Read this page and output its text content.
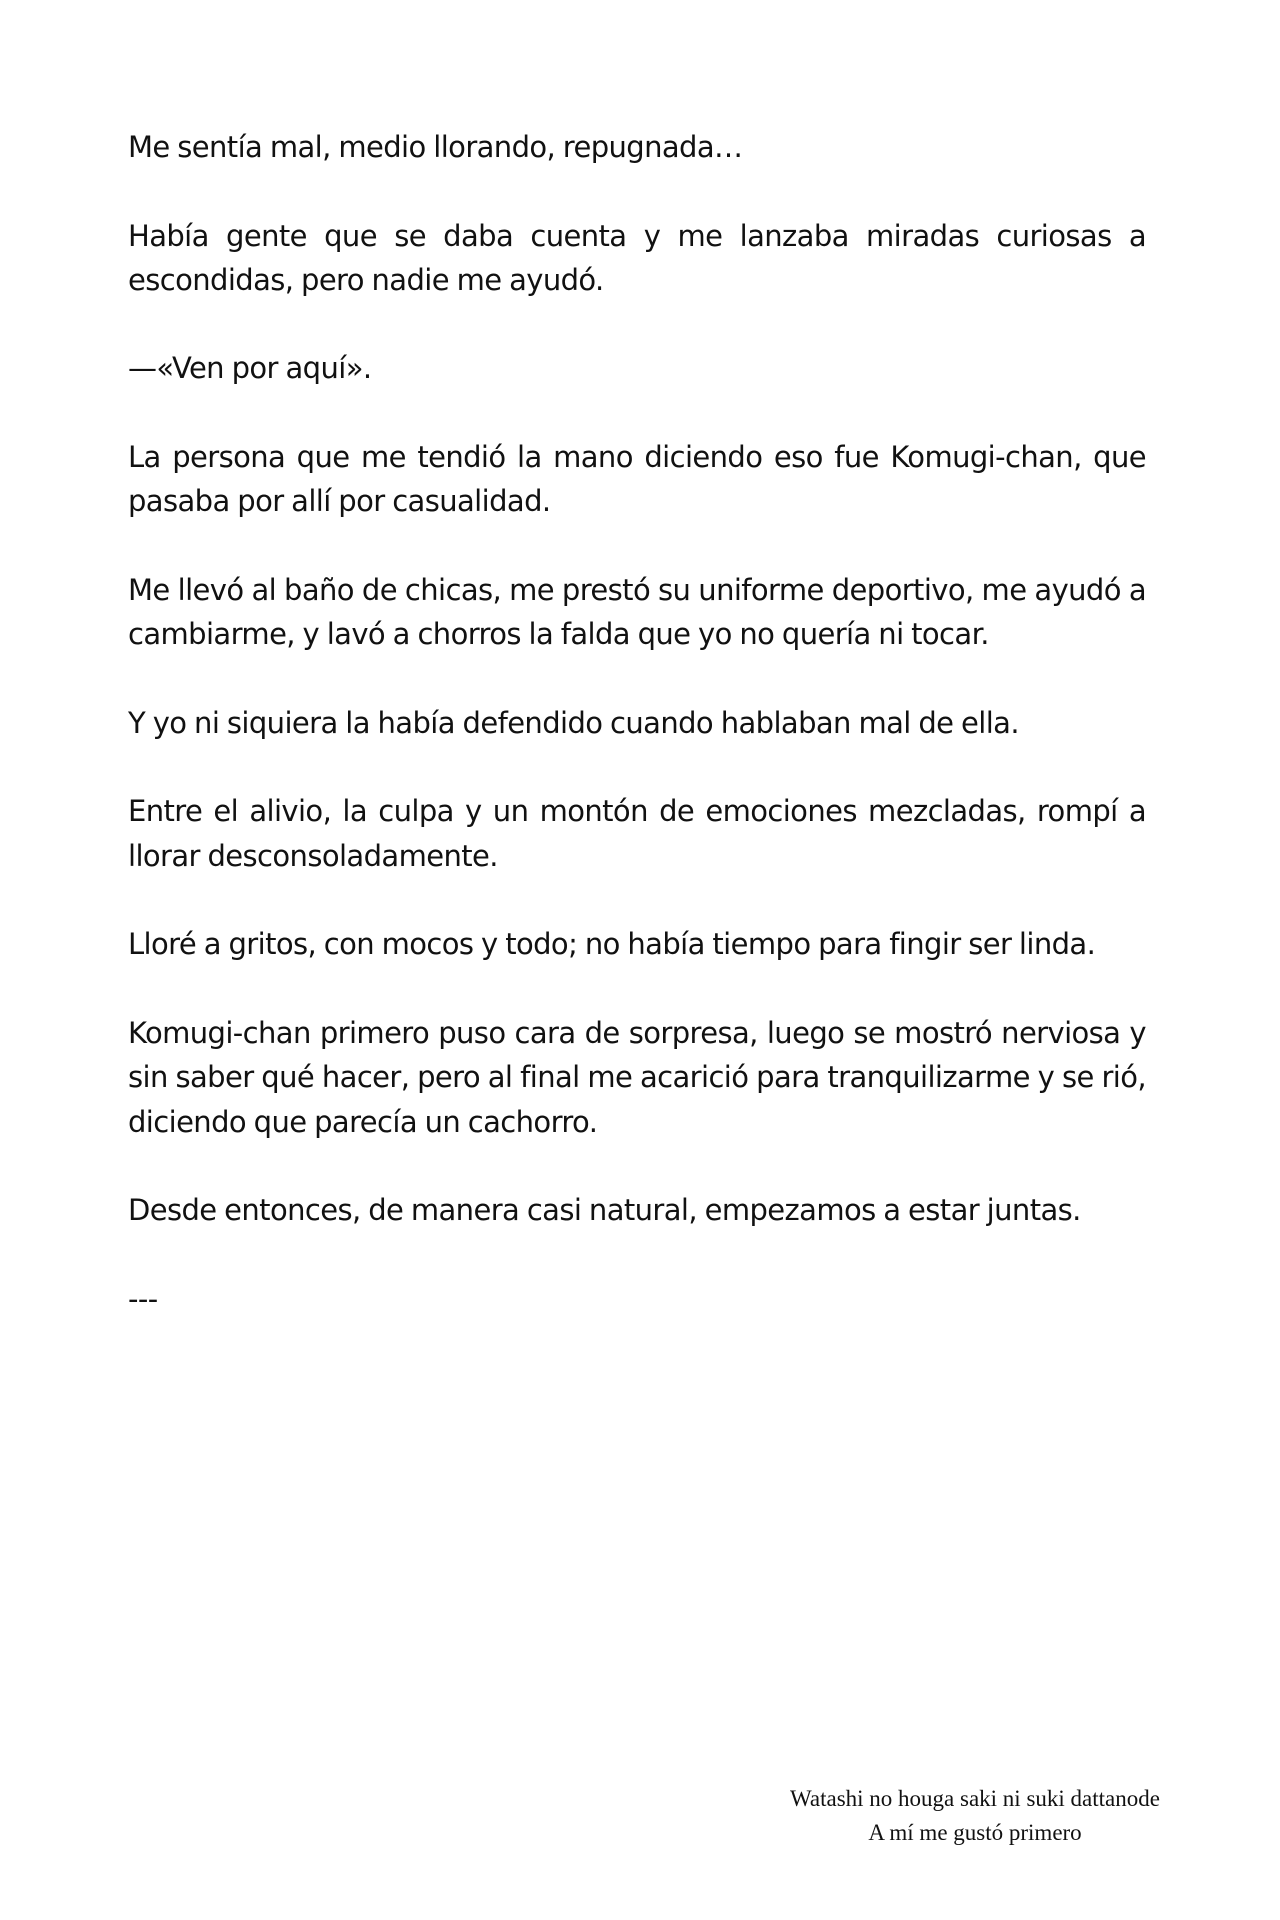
Me sentía mal, medio llorando, repugnada…

Había gente que se daba cuenta y me lanzaba miradas curiosas a escondidas, pero nadie me ayudó.

—«Ven por aquí».

La persona que me tendió la mano diciendo eso fue Komugi-chan, que pasaba por allí por casualidad.

Me llevó al baño de chicas, me prestó su uniforme deportivo, me ayudó a cambiarme, y lavó a chorros la falda que yo no quería ni tocar.

Y yo ni siquiera la había defendido cuando hablaban mal de ella.

Entre el alivio, la culpa y un montón de emociones mezcladas, rompí a llorar desconsoladamente.

Lloré a gritos, con mocos y todo; no había tiempo para fingir ser linda.

Komugi-chan primero puso cara de sorpresa, luego se mostró nerviosa y sin saber qué hacer, pero al final me acarició para tranquilizarme y se rió, diciendo que parecía un cachorro.

Desde entonces, de manera casi natural, empezamos a estar juntas.

---

Watashi no houga saki ni suki dattanode
A mí me gustó primero
